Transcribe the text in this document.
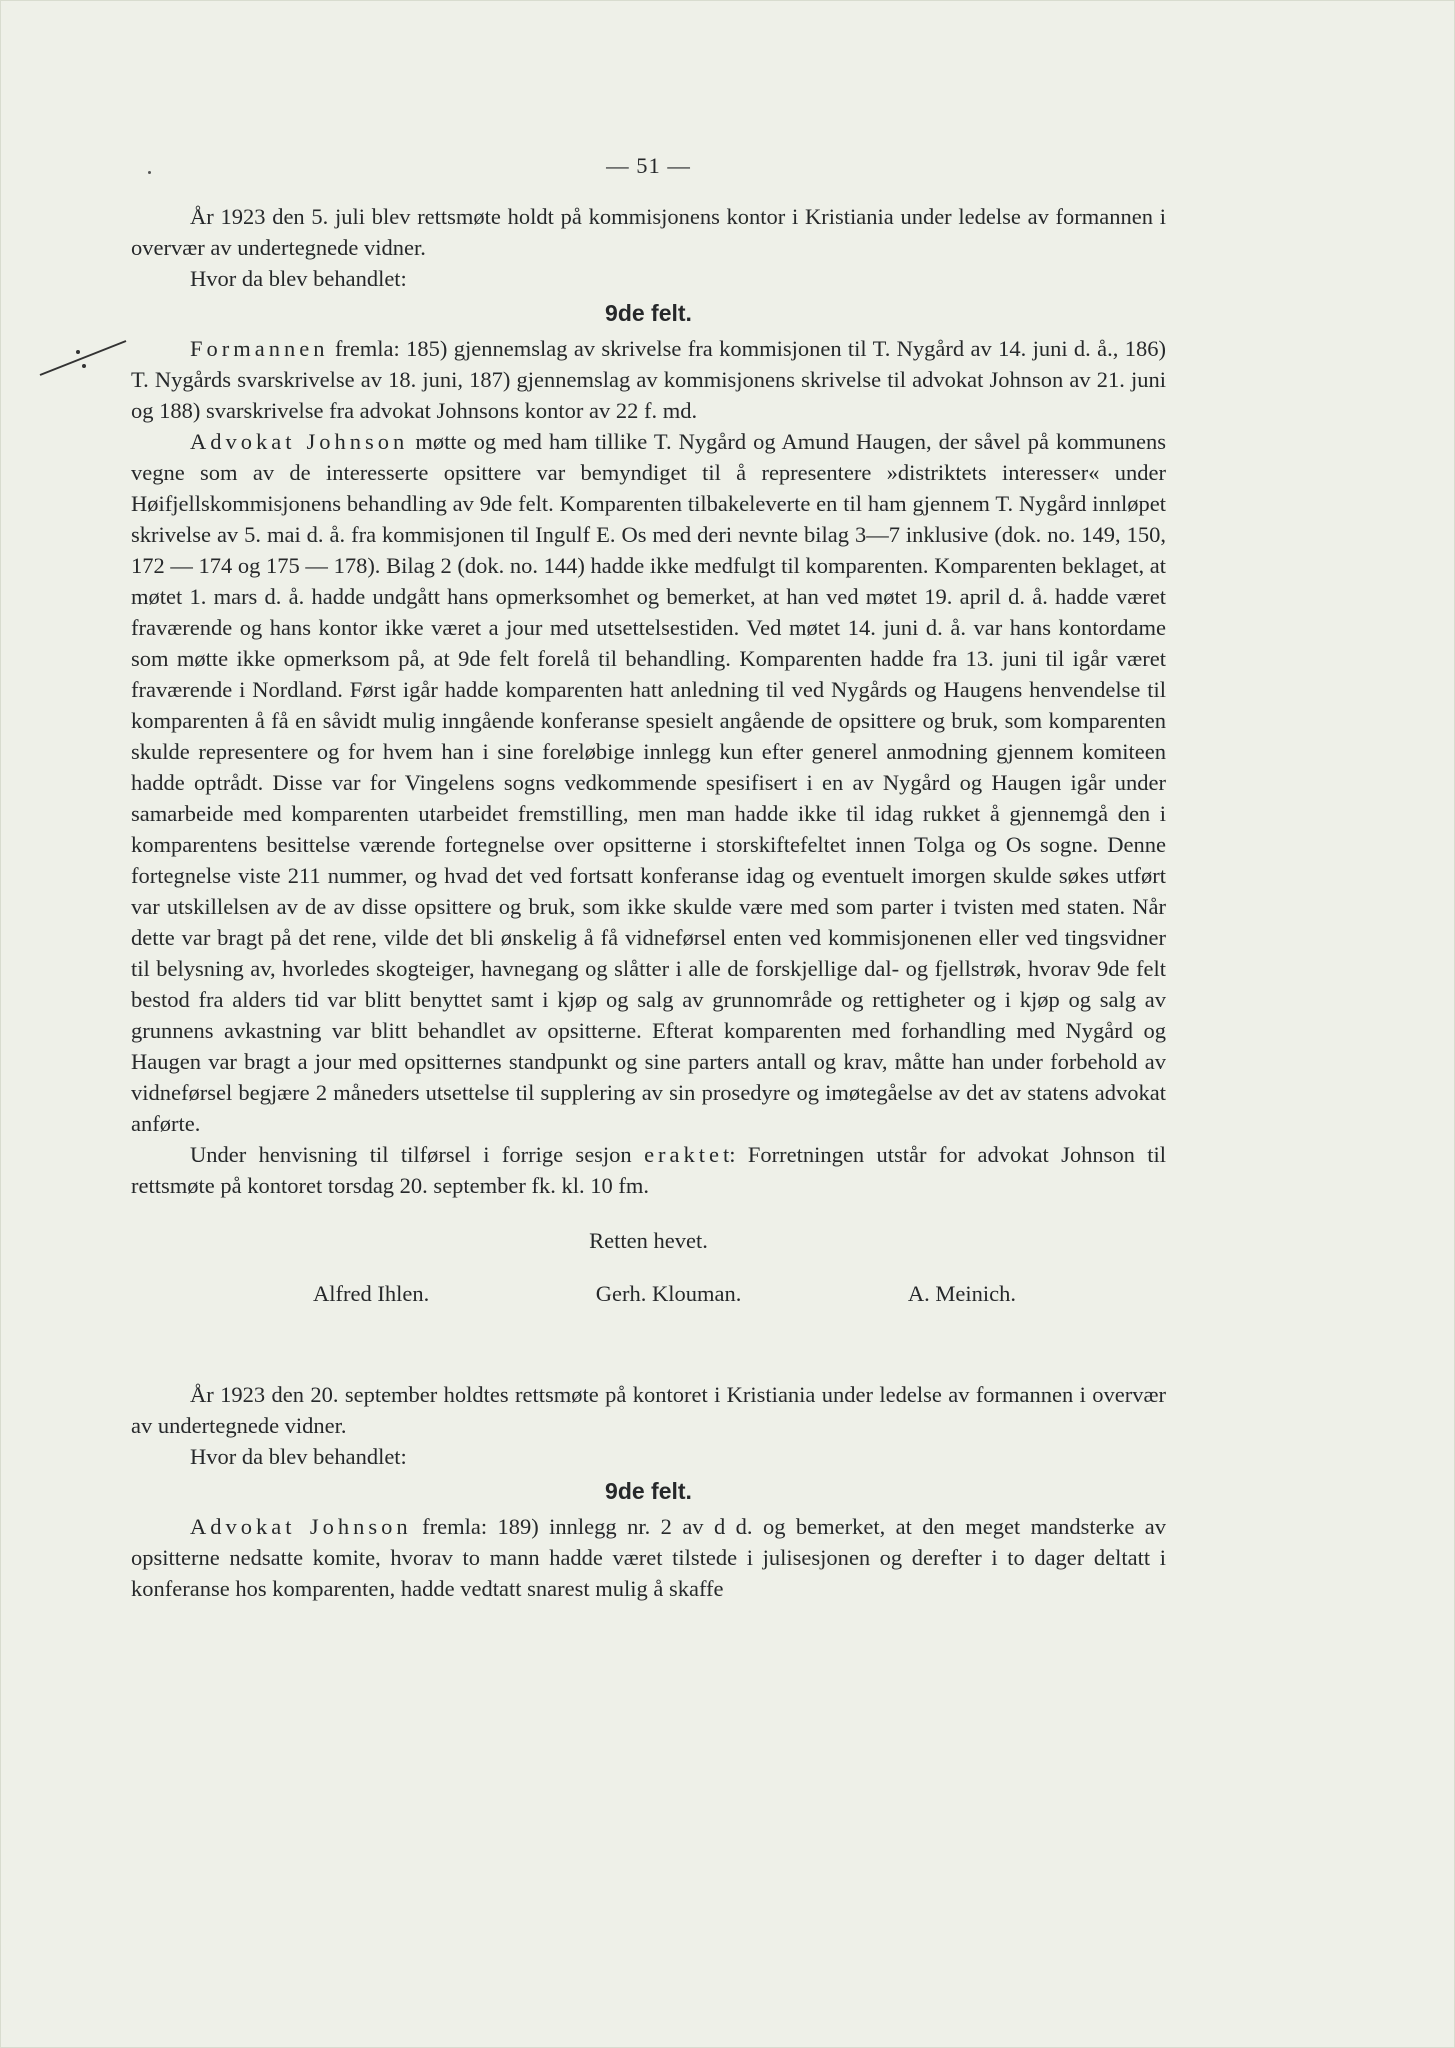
— 51 —

År 1923 den 5. juli blev rettsmøte holdt på kommisjonens kontor i Kristiania under ledelse av formannen i overvær av undertegnede vidner.

Hvor da blev behandlet:

9de felt.

Formannen fremla: 185) gjennemslag av skrivelse fra kommisjonen til T. Nygård av 14. juni d. å., 186) T. Nygårds svarskrivelse av 18. juni, 187) gjennemslag av kommisjonens skrivelse til advokat Johnson av 21. juni og 188) svarskrivelse fra advokat Johnsons kontor av 22 f. md.

Advokat Johnson møtte og med ham tillike T. Nygård og Amund Haugen, der såvel på kommunens vegne som av de interesserte opsittere var bemyndiget til å representere »distriktets interesser« under Høifjellskommisjonens behandling av 9de felt. Komparenten tilbakeleverte en til ham gjennem T. Nygård innløpet skrivelse av 5. mai d. å. fra kommisjonen til Ingulf E. Os med deri nevnte bilag 3—7 inklusive (dok. no. 149, 150, 172 — 174 og 175 — 178). Bilag 2 (dok. no. 144) hadde ikke medfulgt til komparenten. Komparenten beklaget, at møtet 1. mars d. å. hadde undgått hans opmerksomhet og bemerket, at han ved møtet 19. april d. å. hadde været fraværende og hans kontor ikke været a jour med utsettelsestiden. Ved møtet 14. juni d. å. var hans kontordame som møtte ikke opmerksom på, at 9de felt forelå til behandling. Komparenten hadde fra 13. juni til igår været fraværende i Nordland. Først igår hadde komparenten hatt anledning til ved Nygårds og Haugens henvendelse til komparenten å få en såvidt mulig inngående konferanse spesielt angående de opsittere og bruk, som komparenten skulde representere og for hvem han i sine foreløbige innlegg kun efter generel anmodning gjennem komiteen hadde optrådt. Disse var for Vingelens sogns vedkommende spesifisert i en av Nygård og Haugen igår under samarbeide med komparenten utarbeidet fremstilling, men man hadde ikke til idag rukket å gjennemgå den i komparentens besittelse værende fortegnelse over opsitterne i storskiftefeltet innen Tolga og Os sogne. Denne fortegnelse viste 211 nummer, og hvad det ved fortsatt konferanse idag og eventuelt imorgen skulde søkes utført var utskillelsen av de av disse opsittere og bruk, som ikke skulde være med som parter i tvisten med staten. Når dette var bragt på det rene, vilde det bli ønskelig å få vidneførsel enten ved kommisjonenen eller ved tingsvidner til belysning av, hvorledes skogteiger, havnegang og slåtter i alle de forskjellige dal- og fjellstrøk, hvorav 9de felt bestod fra alders tid var blitt benyttet samt i kjøp og salg av grunnområde og rettigheter og i kjøp og salg av grunnens avkastning var blitt behandlet av opsitterne. Efterat komparenten med forhandling med Nygård og Haugen var bragt a jour med opsitternes standpunkt og sine parters antall og krav, måtte han under forbehold av vidneførsel begjære 2 måneders utsettelse til supplering av sin prosedyre og imøtegåelse av det av statens advokat anførte.

Under henvisning til tilførsel i forrige sesjon eraktet: Forretningen utstår for advokat Johnson til rettsmøte på kontoret torsdag 20. september fk. kl. 10 fm.

Retten hevet.

Alfred Ihlen.	Gerh. Klouman.	A. Meinich.

År 1923 den 20. september holdtes rettsmøte på kontoret i Kristiania under ledelse av formannen i overvær av undertegnede vidner.

Hvor da blev behandlet:

9de felt.

Advokat Johnson fremla: 189) innlegg nr. 2 av d d. og bemerket, at den meget mandsterke av opsitterne nedsatte komite, hvorav to mann hadde været tilstede i julisesjonen og derefter i to dager deltatt i konferanse hos komparenten, hadde vedtatt snarest mulig å skaffe
